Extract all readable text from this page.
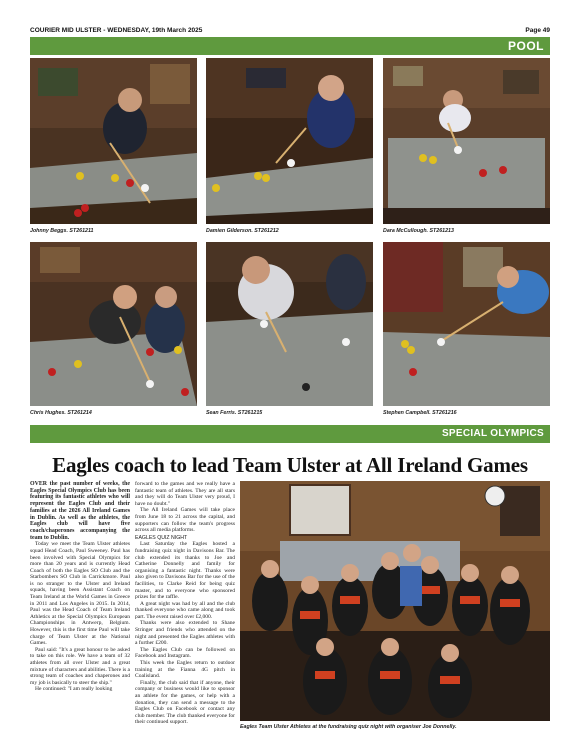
COURIER MID ULSTER - WEDNESDAY, 19th March 2025	Page 49
POOL
Johnny Beggs. ST261211	Damien Gilderson. ST261212	Dara McCullough. ST261213
Chris Hughes. ST261214	Sean Ferris. ST261215	Stephen Campbell. ST261216
SPECIAL OLYMPICS
Eagles coach to lead Team Ulster at All Ireland Games

OVER the past number of weeks, the Eagles Special Olympics Club has been featuring its fantastic athletes who will represent the Eagles Club and their families at the 2026 All Ireland Games in Dublin. As well as the athletes, the Eagles club will have five coach/chaperones accompanying the team to Dublin.

Today we meet the Team Ulster athletes squad Head Coach, Paul Sweeney. Paul has been involved with Special Olympics for more than 20 years and is currently Head Coach of both the Eagles SO Club and the Starbombers SO Club in Carrickmore. Paul is no stranger to the Ulster and Ireland squads, having been Assistant Coach on Team Ireland at the World Games in Greece in 2011 and Los Angeles in 2015. In 2014, Paul was the Head Coach of Team Ireland Athletics at the Special Olympics European Championships in Antwerp, Belgium. However, this is the first time Paul will take charge of Team Ulster at the National Games.

Paul said: "It's a great honour to be asked to take on this role. We have a team of 32 athletes from all over Ulster and a great mixture of characters and abilities. There is a strong team of coaches and chaperones and my job is basically to steer the ship."

He continued: "I am really looking

forward to the games and we really have a fantastic team of athletes. They are all stars and they will do Team Ulster very proud, I have no doubt."

The All Ireland Games will take place from June 18 to 21 across the capital, and supporters can follow the team's progress across all media platforms.

EAGLES QUIZ NIGHT

Last Saturday the Eagles hosted a fundraising quiz night in Davisons Bar. The club extended its thanks to Joe and Catherine Donnelly and family for organising a fantastic night. Thanks were also given to Davisons Bar for the use of the facilities, to Clarke Reid for being quiz master, and to everyone who sponsored prizes for the raffle.

A great night was had by all and the club thanked everyone who came along and took part. The event raised over £2,000.

Thanks were also extended to Shane Stringer and friends who attended on the night and presented the Eagles athletes with a further £200.

The Eagles Club can be followed on Facebook and Instagram.

This week the Eagles return to outdoor training at the Fianna 4G pitch in Coalisland.

Finally, the club said that if anyone, their company or business would like to sponsor an athlete for the games, or help with a donation, they can send a message to the Eagles Club on Facebook or contact any club member. The club thanked everyone for their continued support.

Eagles Team Ulster Athletes at the fundraising quiz night with organiser Joe Donnelly.
